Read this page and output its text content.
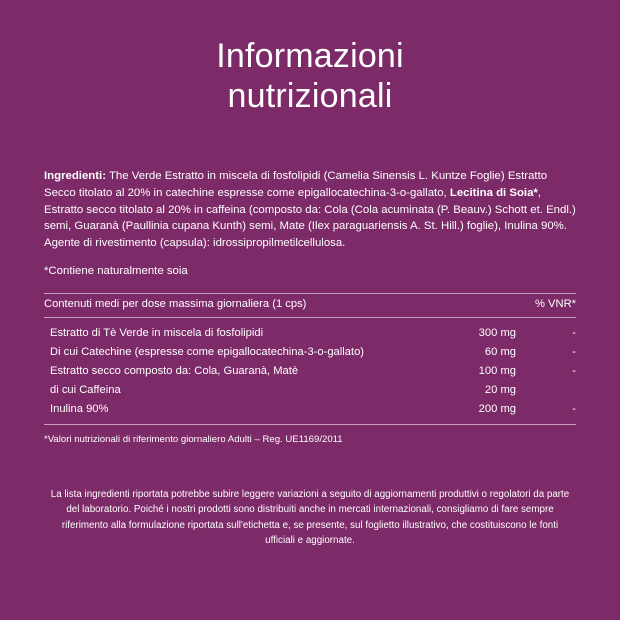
Informazioni
nutrizionali

Ingredienti: The Verde Estratto in miscela di fosfolipidi (Camelia Sinensis L. Kuntze Foglie) Estratto Secco titolato al 20% in catechine espresse come epigallocatechina-3-o-gallato, Lecitina di Soia*, Estratto secco titolato al 20% in caffeina (composto da: Cola (Cola acuminata (P. Beauv.) Schott et. Endl.) semi, Guaranà (Paullinia cupana Kunth) semi, Mate (Ilex paraguariensis A. St. Hill.) foglie), Inulina 90%. Agente di rivestimento (capsula): idrossipropilmetilcellulosa.

*Contiene naturalmente soia

Contenuti medi per dose massima giornaliera (1 cps)		% VNR*
Estratto di Tè Verde in miscela di fosfolipidi	300 mg	-
Di cui Catechine (espresse come epigallocatechina-3-o-gallato)	60 mg	-
Estratto secco composto da: Cola, Guaranà, Matè	100 mg	-
di cui Caffeina	20 mg	
Inulina 90%	200 mg	-

*Valori nutrizionali di riferimento giornaliero Adulti – Reg. UE1169/2011

La lista ingredienti riportata potrebbe subire leggere variazioni a seguito di aggiornamenti produttivi o regolatori da parte del laboratorio. Poiché i nostri prodotti sono distribuiti anche in mercati internazionali, consigliamo di fare sempre riferimento alla formulazione riportata sull'etichetta e, se presente, sul foglietto illustrativo, che costituiscono le fonti ufficiali e aggiornate.
